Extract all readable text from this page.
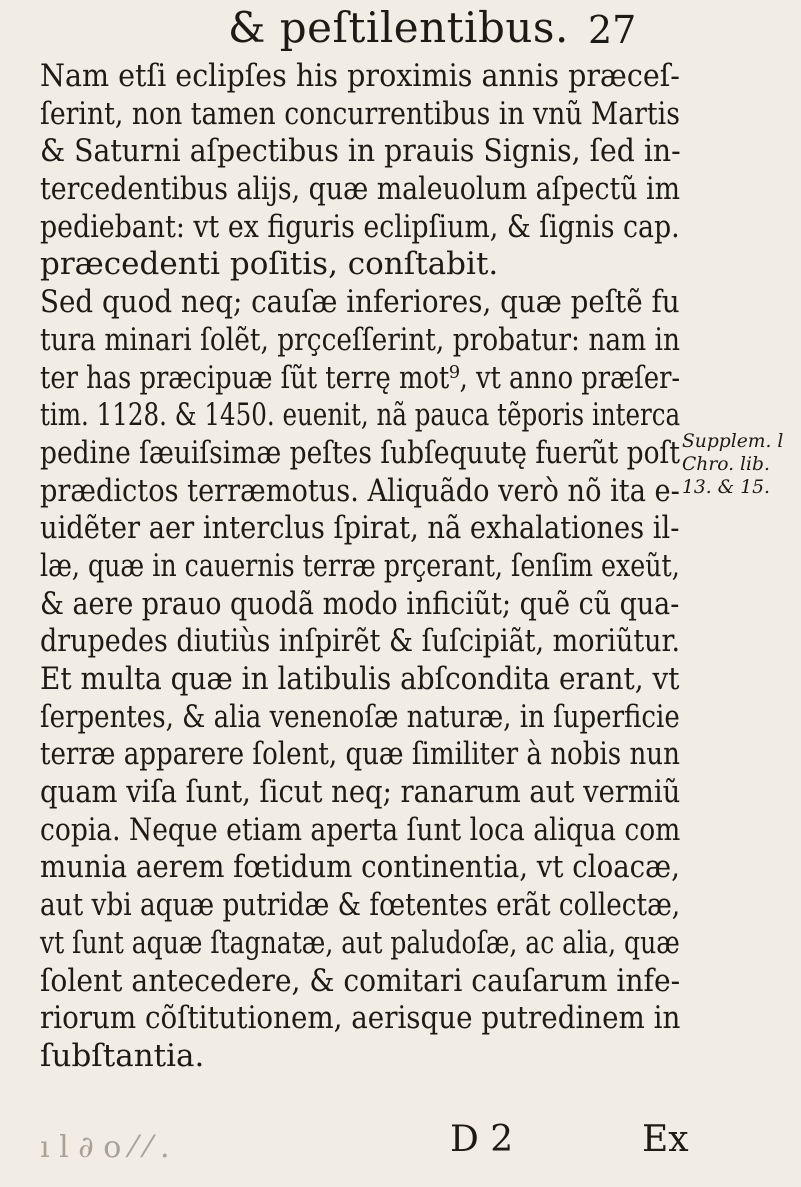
& peſtilentibus. 27
Nam etſi eclipſes his proximis annis præceſ-
ſerint, non tamen concurrentibus in vnũ Martis
& Saturni aſpectibus in prauis Signis, ſed in-
tercedentibus alijs, quæ maleuolum aſpectũ im
pediebant: vt ex figuris eclipſium, & ſignis cap.
præcedenti poſitis, conſtabit.
Sed quod neq; cauſæ inferiores, quæ peſtẽ fu
tura minari ſolẽt, prçceſſerint, probatur: nam in
ter has præcipuæ ſũt terrę mot⁹, vt anno præſer-
tim. 1128. & 1450. euenit, nã pauca tẽporis interca
pedine ſæuiſsimæ peſtes ſubſequutę fuerũt poſt
prædictos terræmotus. Aliquãdo verò nõ ita e-
uidẽter aer interclus ſpirat, nã exhalationes il-
læ, quæ in cauernis terræ prçerant, ſenſim exeũt,
& aere prauo quodã modo inficiũt; quẽ cũ qua-
drupedes diutiùs inſpirẽt & ſuſcipiãt, moriũtur.
Et multa quæ in latibulis abſcondita erant, vt
ſerpentes, & alia venenoſæ naturæ, in ſuperficie
terræ apparere ſolent, quæ ſimiliter à nobis nun
quam viſa ſunt, ſicut neq; ranarum aut vermiũ
copia. Neque etiam aperta ſunt loca aliqua com
munia aerem fœtidum continentia, vt cloacæ,
aut vbi aquæ putridæ & fœtentes erãt collectæ,
vt ſunt aquæ ſtagnatæ, aut paludoſæ, ac alia, quæ
ſolent antecedere, & comitari cauſarum infe-
riorum cõſtitutionem, aerisque putredinem in
ſubſtantia.
Supplem. l
Chro. lib.
13. & 15.
ı l ∂ o ⁄ ⁄ .	D 2	Ex
